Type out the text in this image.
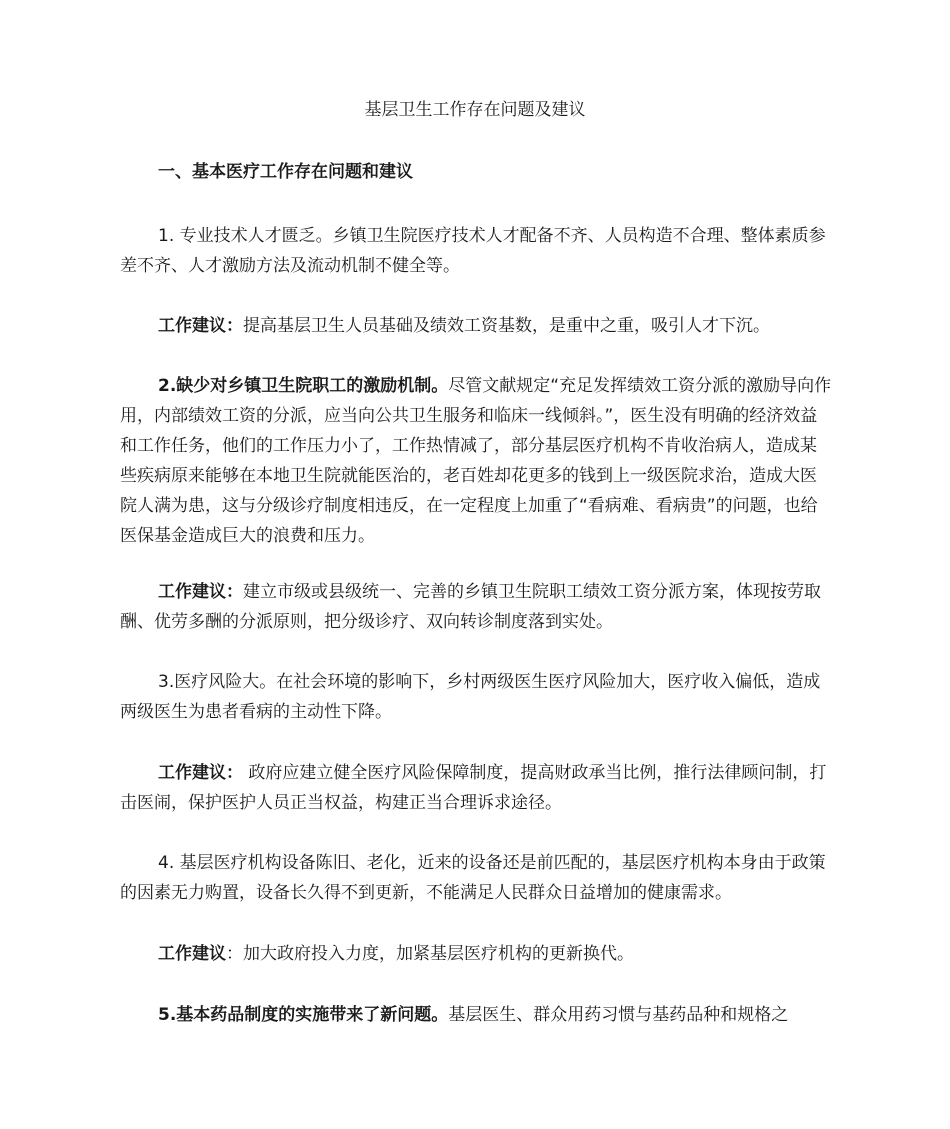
基层卫生工作存在问题及建议
一、基本医疗工作存在问题和建议

1. 专业技术人才匮乏。乡镇卫生院医疗技术人才配备不齐、人员构造不合理、整体素质参差不齐、人才激励方法及流动机制不健全等。

工作建议：提高基层卫生人员基础及绩效工资基数，是重中之重，吸引人才下沉。

2.缺少对乡镇卫生院职工的激励机制。尽管文献规定“充足发挥绩效工资分派的激励导向作用，内部绩效工资的分派，应当向公共卫生服务和临床一线倾斜。”，医生没有明确的经济效益和工作任务，他们的工作压力小了，工作热情减了，部分基层医疗机构不肯收治病人，造成某些疾病原来能够在本地卫生院就能医治的，老百姓却花更多的钱到上一级医院求治，造成大医院人满为患，这与分级诊疗制度相违反，在一定程度上加重了“看病难、看病贵”的问题，也给医保基金造成巨大的浪费和压力。

工作建议：建立市级或县级统一、完善的乡镇卫生院职工绩效工资分派方案，体现按劳取酬、优劳多酬的分派原则，把分级诊疗、双向转诊制度落到实处。

3.医疗风险大。在社会环境的影响下，乡村两级医生医疗风险加大，医疗收入偏低，造成两级医生为患者看病的主动性下降。

工作建议： 政府应建立健全医疗风险保障制度，提高财政承当比例，推行法律顾问制，打击医闹，保护医护人员正当权益，构建正当合理诉求途径。

4. 基层医疗机构设备陈旧、老化，近来的设备还是前匹配的，基层医疗机构本身由于政策的因素无力购置，设备长久得不到更新，不能满足人民群众日益增加的健康需求。

工作建议：加大政府投入力度，加紧基层医疗机构的更新换代。

5.基本药品制度的实施带来了新问题。基层医生、群众用药习惯与基药品种和规格之
